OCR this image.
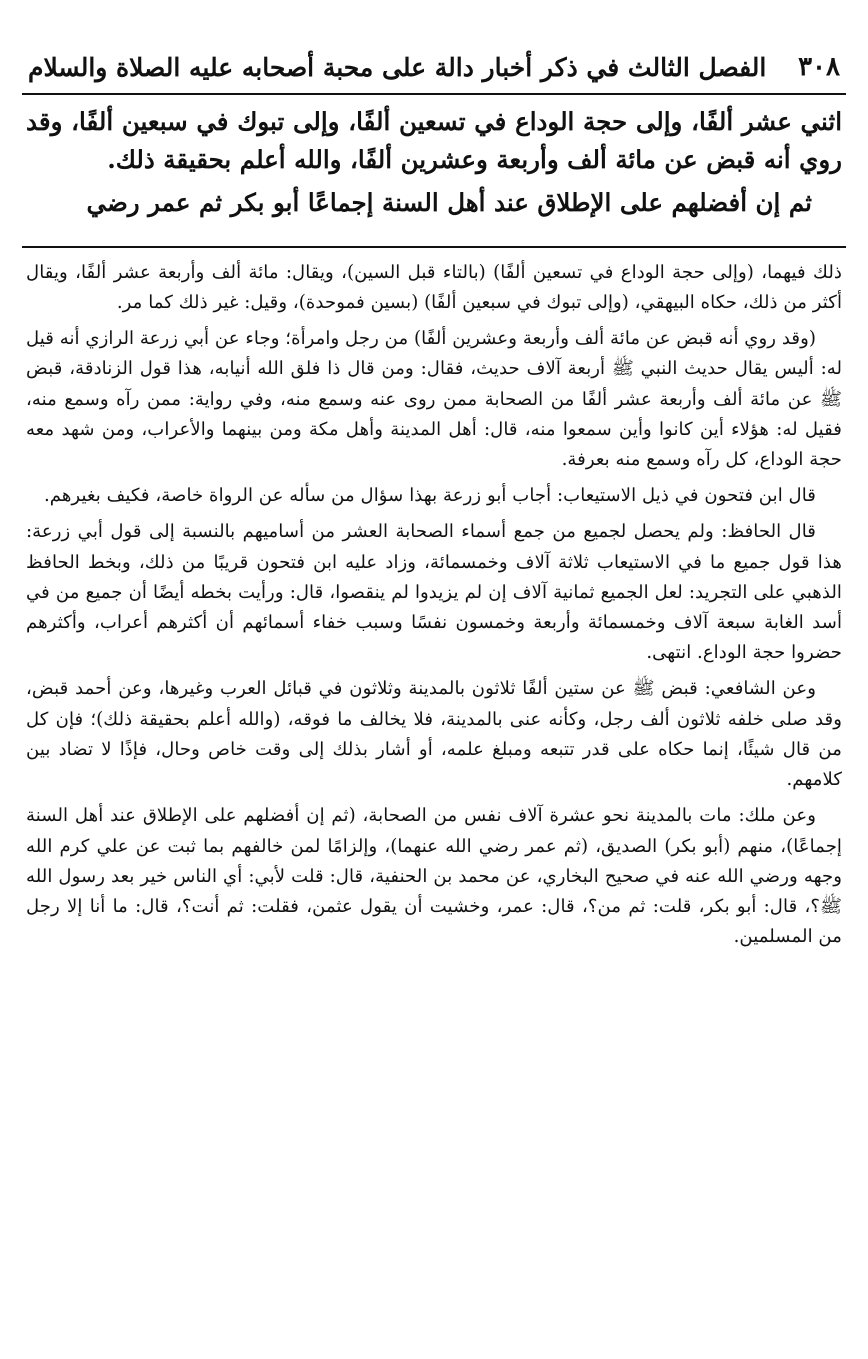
٣٠٨
الفصل الثالث في ذكر أخبار دالة على محبة أصحابه عليه الصلاة والسلام

اثني عشر ألفًا، وإلى حجة الوداع في تسعين ألفًا، وإلى تبوك في سبعين ألفًا، وقد روي أنه قبض عن مائة ألف وأربعة وعشرين ألفًا، والله أعلم بحقيقة ذلك.

ثم إن أفضلهم على الإطلاق عند أهل السنة إجماعًا أبو بكر ثم عمر رضي

ذلك فيهما، (وإلى حجة الوداع في تسعين ألفًا) (بالتاء قبل السين)، ويقال: مائة ألف وأربعة عشر ألفًا، ويقال أكثر من ذلك، حكاه البيهقي، (وإلى تبوك في سبعين ألفًا) (بسين فموحدة)، وقيل: غير ذلك كما مر.

(وقد روي أنه قبض عن مائة ألف وأربعة وعشرين ألفًا) من رجل وامرأة؛ وجاء عن أبي زرعة الرازي أنه قيل له: أليس يقال حديث النبي ﷺ أربعة آلاف حديث، فقال: ومن قال ذا فلق الله أنيابه، هذا قول الزنادقة، قبض ﷺ عن مائة ألف وأربعة عشر ألفًا من الصحابة ممن روى عنه وسمع منه، وفي رواية: ممن رآه وسمع منه، فقيل له: هؤلاء أين كانوا وأين سمعوا منه، قال: أهل المدينة وأهل مكة ومن بينهما والأعراب، ومن شهد معه حجة الوداع، كل رآه وسمع منه بعرفة.

قال ابن فتحون في ذيل الاستيعاب: أجاب أبو زرعة بهذا سؤال من سأله عن الرواة خاصة، فكيف بغيرهم.

قال الحافظ: ولم يحصل لجميع من جمع أسماء الصحابة العشر من أساميهم بالنسبة إلى قول أبي زرعة: هذا قول جميع ما في الاستيعاب ثلاثة آلاف وخمسمائة، وزاد عليه ابن فتحون قريبًا من ذلك، وبخط الحافظ الذهبي على التجريد: لعل الجميع ثمانية آلاف إن لم يزيدوا لم ينقصوا، قال: ورأيت بخطه أيضًا أن جميع من في أسد الغابة سبعة آلاف وخمسمائة وأربعة وخمسون نفسًا وسبب خفاء أسمائهم أن أكثرهم أعراب، وأكثرهم حضروا حجة الوداع. انتهى.

وعن الشافعي: قبض ﷺ عن ستين ألفًا ثلاثون بالمدينة وثلاثون في قبائل العرب وغيرها، وعن أحمد قبض، وقد صلى خلفه ثلاثون ألف رجل، وكأنه عنى بالمدينة، فلا يخالف ما فوقه، (والله أعلم بحقيقة ذلك)؛ فإن كل من قال شيئًا، إنما حكاه على قدر تتبعه ومبلغ علمه، أو أشار بذلك إلى وقت خاص وحال، فإذًا لا تضاد بين كلامهم.

وعن ملك: مات بالمدينة نحو عشرة آلاف نفس من الصحابة، (ثم إن أفضلهم على الإطلاق عند أهل السنة إجماعًا)، منهم (أبو بكر) الصديق، (ثم عمر رضي الله عنهما)، وإلزامًا لمن خالفهم بما ثبت عن علي كرم الله وجهه ورضي الله عنه في صحيح البخاري، عن محمد بن الحنفية، قال: قلت لأبي: أي الناس خير بعد رسول الله ﷺ؟، قال: أبو بكر، قلت: ثم من؟، قال: عمر، وخشيت أن يقول عثمن، فقلت: ثم أنت؟، قال: ما أنا إلا رجل من المسلمين.
